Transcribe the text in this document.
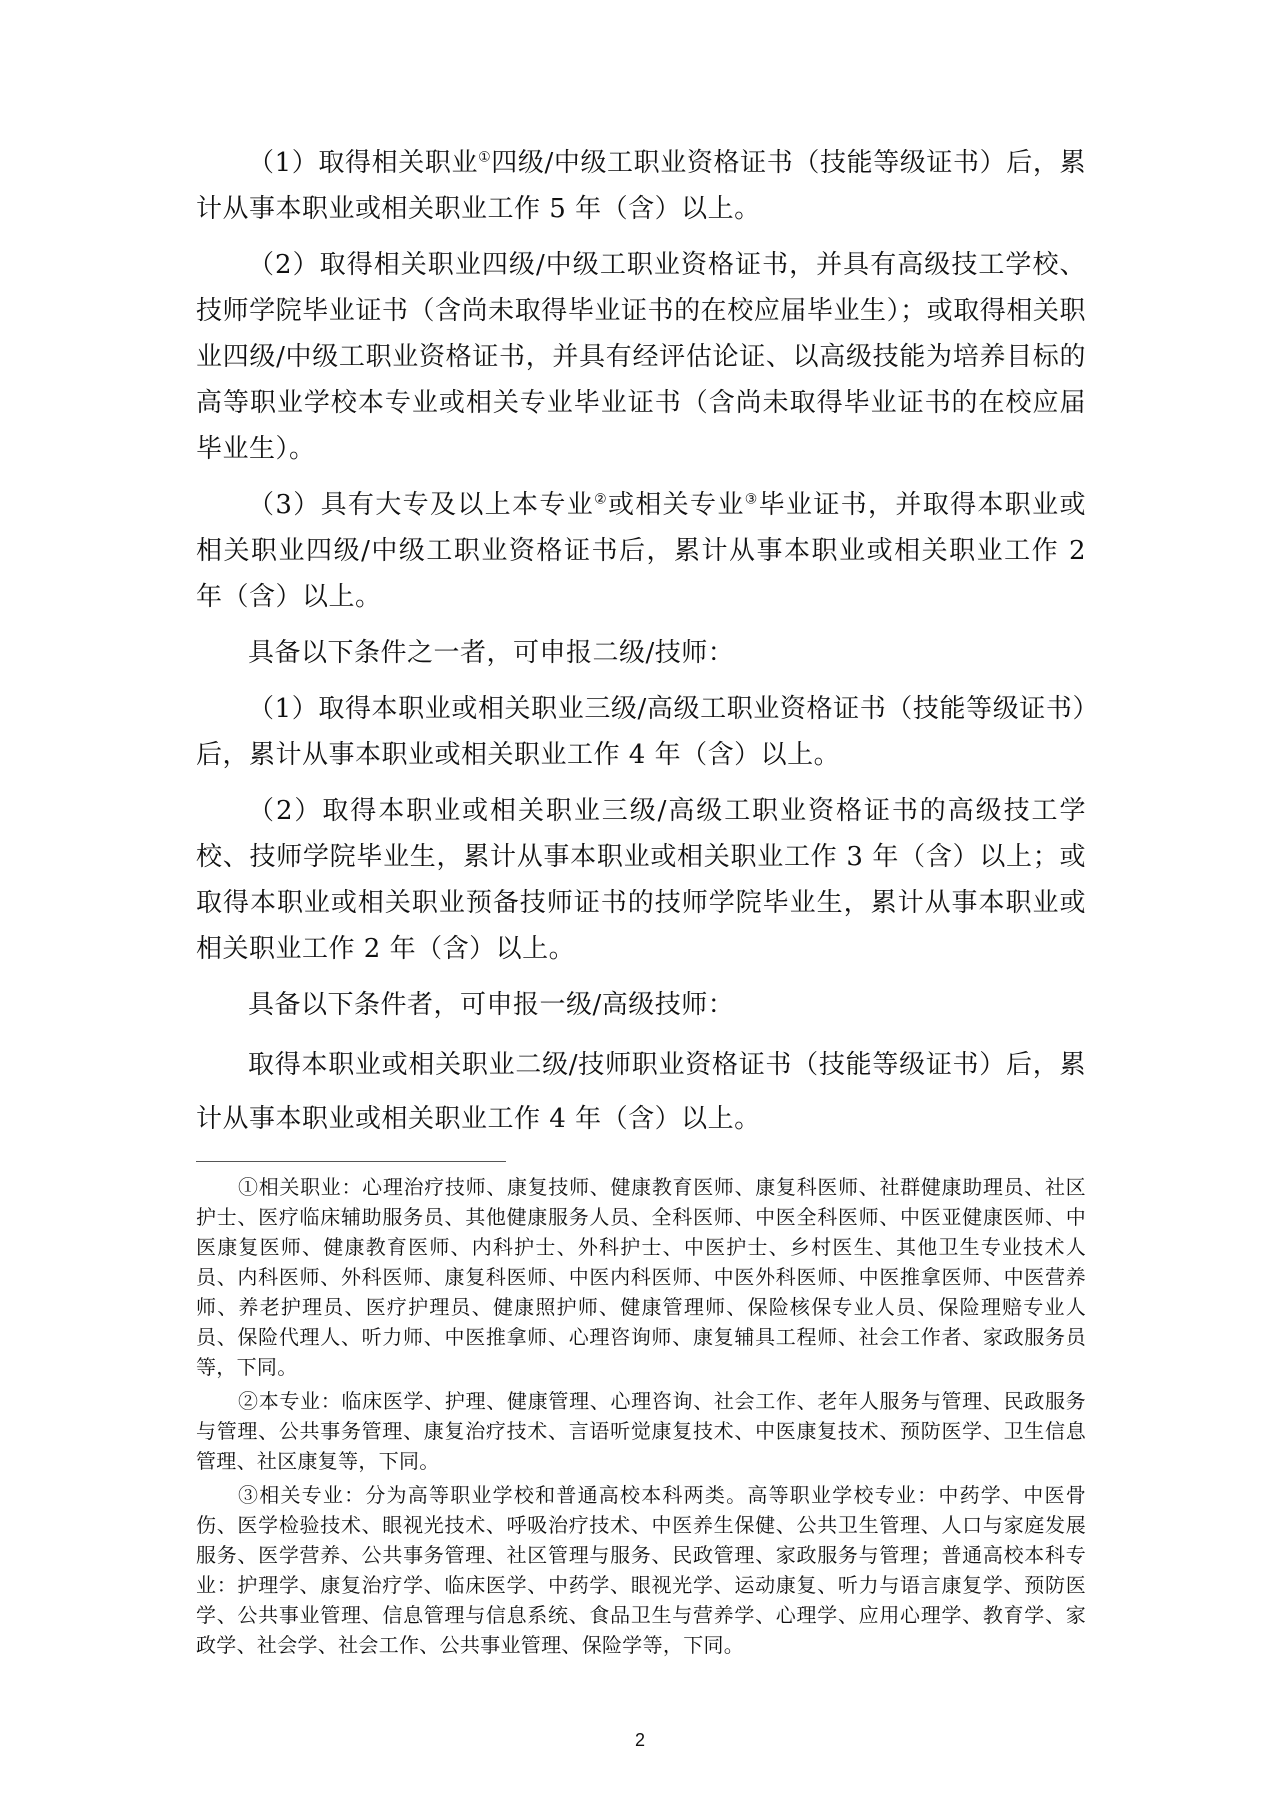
（1）取得相关职业①四级/中级工职业资格证书（技能等级证书）后，累计从事本职业或相关职业工作 5 年（含）以上。

（2）取得相关职业四级/中级工职业资格证书，并具有高级技工学校、技师学院毕业证书（含尚未取得毕业证书的在校应届毕业生）；或取得相关职业四级/中级工职业资格证书，并具有经评估论证、以高级技能为培养目标的高等职业学校本专业或相关专业毕业证书（含尚未取得毕业证书的在校应届毕业生）。

（3）具有大专及以上本专业②或相关专业③毕业证书，并取得本职业或相关职业四级/中级工职业资格证书后，累计从事本职业或相关职业工作 2 年（含）以上。

具备以下条件之一者，可申报二级/技师：

（1）取得本职业或相关职业三级/高级工职业资格证书（技能等级证书）后，累计从事本职业或相关职业工作 4 年（含）以上。

（2）取得本职业或相关职业三级/高级工职业资格证书的高级技工学校、技师学院毕业生，累计从事本职业或相关职业工作 3 年（含）以上；或取得本职业或相关职业预备技师证书的技师学院毕业生，累计从事本职业或相关职业工作 2 年（含）以上。

具备以下条件者，可申报一级/高级技师：

取得本职业或相关职业二级/技师职业资格证书（技能等级证书）后，累计从事本职业或相关职业工作 4 年（含）以上。

①相关职业：心理治疗技师、康复技师、健康教育医师、康复科医师、社群健康助理员、社区护士、医疗临床辅助服务员、其他健康服务人员、全科医师、中医全科医师、中医亚健康医师、中医康复医师、健康教育医师、内科护士、外科护士、中医护士、乡村医生、其他卫生专业技术人员、内科医师、外科医师、康复科医师、中医内科医师、中医外科医师、中医推拿医师、中医营养师、养老护理员、医疗护理员、健康照护师、健康管理师、保险核保专业人员、保险理赔专业人员、保险代理人、听力师、中医推拿师、心理咨询师、康复辅具工程师、社会工作者、家政服务员等，下同。

②本专业：临床医学、护理、健康管理、心理咨询、社会工作、老年人服务与管理、民政服务与管理、公共事务管理、康复治疗技术、言语听觉康复技术、中医康复技术、预防医学、卫生信息管理、社区康复等，下同。

③相关专业：分为高等职业学校和普通高校本科两类。高等职业学校专业：中药学、中医骨伤、医学检验技术、眼视光技术、呼吸治疗技术、中医养生保健、公共卫生管理、人口与家庭发展服务、医学营养、公共事务管理、社区管理与服务、民政管理、家政服务与管理；普通高校本科专业：护理学、康复治疗学、临床医学、中药学、眼视光学、运动康复、听力与语言康复学、预防医学、公共事业管理、信息管理与信息系统、食品卫生与营养学、心理学、应用心理学、教育学、家政学、社会学、社会工作、公共事业管理、保险学等，下同。

2
